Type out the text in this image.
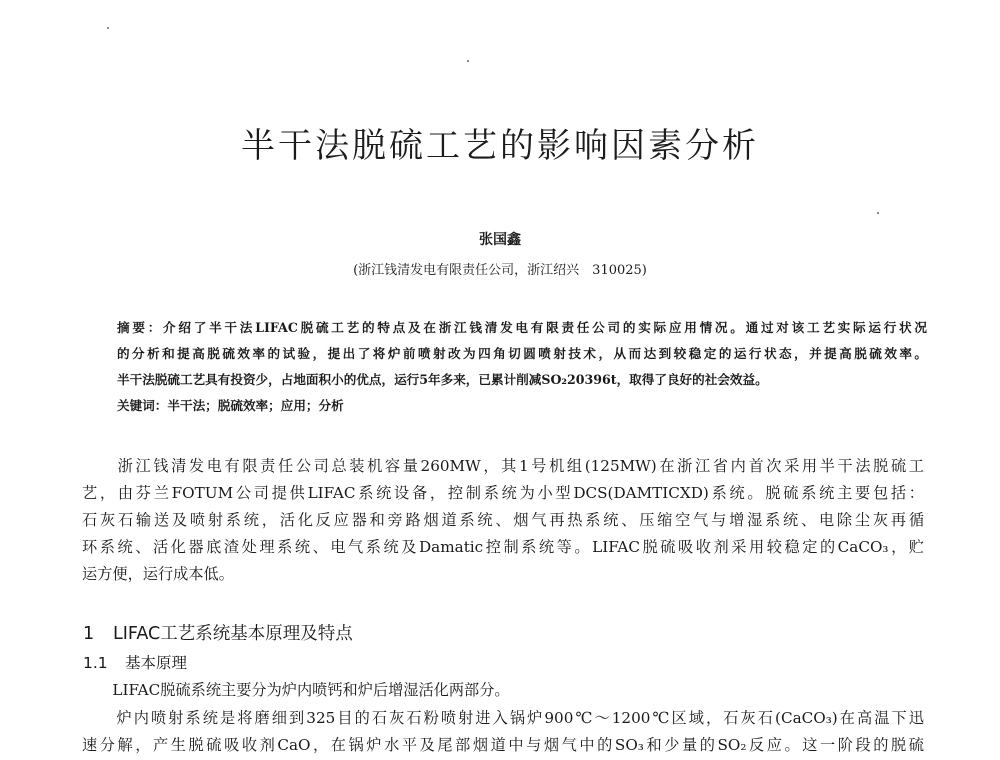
半干法脱硫工艺的影响因素分析
张国鑫
(浙江钱清发电有限责任公司，浙江绍兴　310025)
摘要：介绍了半干法LIFAC脱硫工艺的特点及在浙江钱清发电有限责任公司的实际应用情况。通过对该工艺实际运行状况
的分析和提高脱硫效率的试验，提出了将炉前喷射改为四角切圆喷射技术，从而达到较稳定的运行状态，并提高脱硫效率。
半干法脱硫工艺具有投资少，占地面积小的优点，运行5年多来，已累计削减SO₂20396t，取得了良好的社会效益。
关键词：半干法；脱硫效率；应用；分析
　　浙江钱清发电有限责任公司总装机容量260MW，其1号机组(125MW)在浙江省内首次采用半干法脱硫工
艺，由芬兰FOTUM公司提供LIFAC系统设备，控制系统为小型DCS(DAMTICXD)系统。脱硫系统主要包括：
石灰石输送及喷射系统，活化反应器和旁路烟道系统、烟气再热系统、压缩空气与增湿系统、电除尘灰再循
环系统、活化器底渣处理系统、电气系统及Damatic控制系统等。LIFAC脱硫吸收剂采用较稳定的CaCO₃，贮
运方便，运行成本低。
1 LIFAC工艺系统基本原理及特点
1.1 基本原理
　　LIFAC脱硫系统主要分为炉内喷钙和炉后增湿活化两部分。
　　炉内喷射系统是将磨细到325目的石灰石粉喷射进入锅炉900℃～1200℃区域，石灰石(CaCO₃)在高温下迅
速分解，产生脱硫吸收剂CaO，在锅炉水平及尾部烟道中与烟气中的SO₃和少量的SO₂反应。这一阶段的脱硫
